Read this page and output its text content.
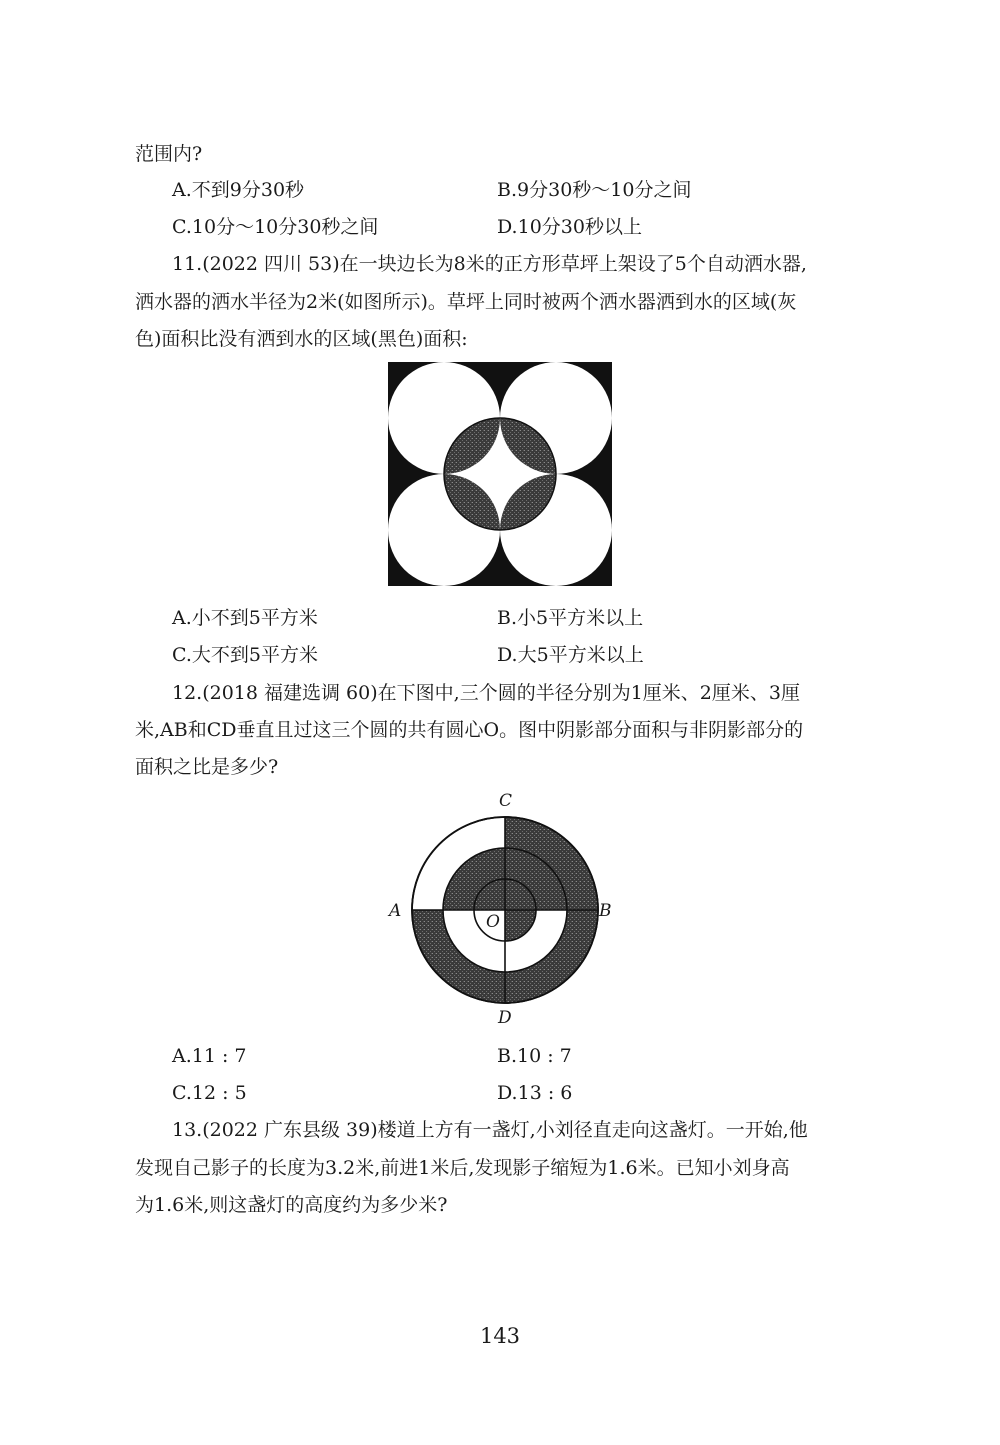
范围内?
A.不到9分30秒	B.9分30秒～10分之间
C.10分～10分30秒之间	D.10分30秒以上
11.(2022 四川 53)在一块边长为8米的正方形草坪上架设了5个自动洒水器,
洒水器的洒水半径为2米(如图所示)。草坪上同时被两个洒水器洒到水的区域(灰
色)面积比没有洒到水的区域(黑色)面积:
A.小不到5平方米	B.小5平方米以上
C.大不到5平方米	D.大5平方米以上
12.(2018 福建选调 60)在下图中,三个圆的半径分别为1厘米、2厘米、3厘
米,AB和CD垂直且过这三个圆的共有圆心O。图中阴影部分面积与非阴影部分的
面积之比是多少?
C
A	B
O
D
A.11 : 7	B.10 : 7
C.12 : 5	D.13 : 6
13.(2022 广东县级 39)楼道上方有一盏灯,小刘径直走向这盏灯。一开始,他
发现自己影子的长度为3.2米,前进1米后,发现影子缩短为1.6米。已知小刘身高
为1.6米,则这盏灯的高度约为多少米?
143
